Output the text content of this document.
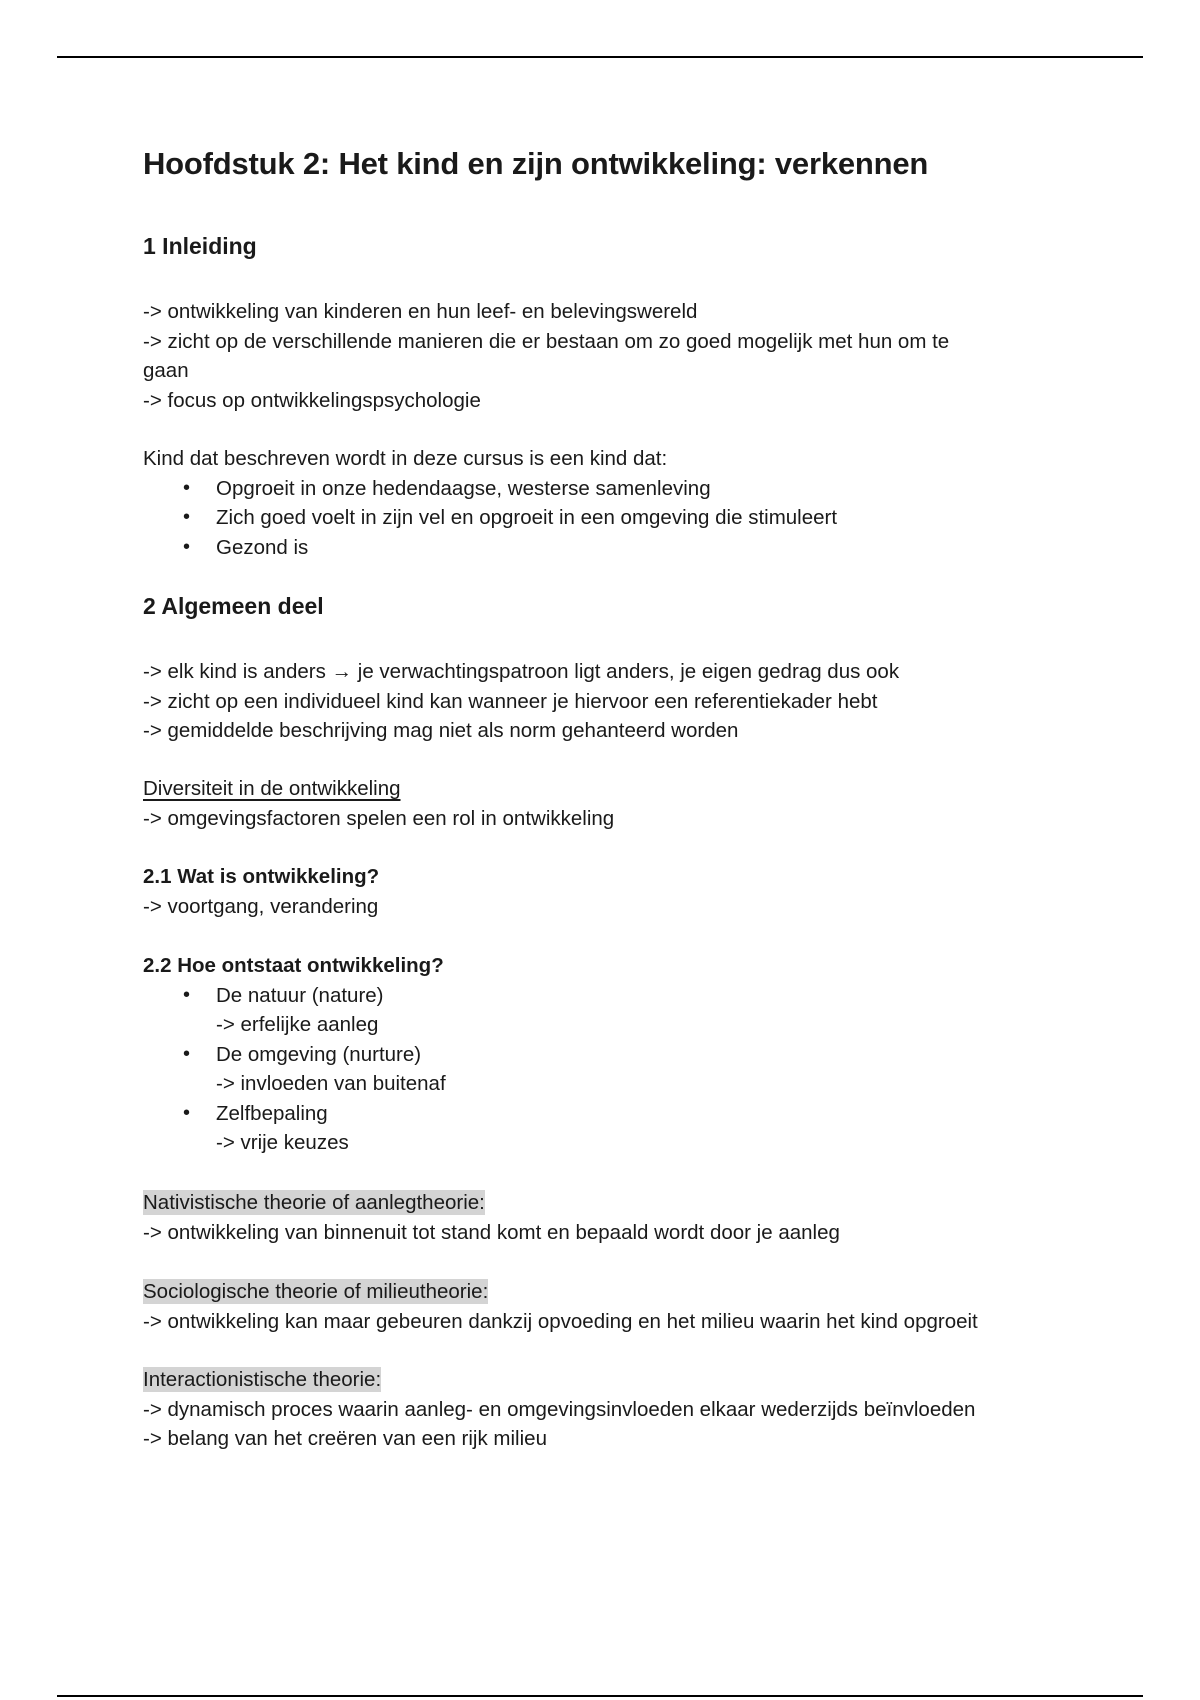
Hoofdstuk 2: Het kind en zijn ontwikkeling: verkennen
1 Inleiding

-> ontwikkeling van kinderen en hun leef- en belevingswereld

-> zicht op de verschillende manieren die er bestaan om zo goed mogelijk met hun om te

gaan

-> focus op ontwikkelingspsychologie

Kind dat beschreven wordt in deze cursus is een kind dat:

• Opgroeit in onze hedendaagse, westerse samenleving
• Zich goed voelt in zijn vel en opgroeit in een omgeving die stimuleert
• Gezond is
2 Algemeen deel

-> elk kind is anders → je verwachtingspatroon ligt anders, je eigen gedrag dus ook

-> zicht op een individueel kind kan wanneer je hiervoor een referentiekader hebt

-> gemiddelde beschrijving mag niet als norm gehanteerd worden

Diversiteit in de ontwikkeling

-> omgevingsfactoren spelen een rol in ontwikkeling

2.1 Wat is ontwikkeling?

-> voortgang, verandering

2.2 Hoe ontstaat ontwikkeling?

• De natuur (nature)
-> erfelijke aanleg
• De omgeving (nurture)
-> invloeden van buitenaf
• Zelfbepaling
-> vrije keuzes

Nativistische theorie of aanlegtheorie:

-> ontwikkeling van binnenuit tot stand komt en bepaald wordt door je aanleg

Sociologische theorie of milieutheorie:

-> ontwikkeling kan maar gebeuren dankzij opvoeding en het milieu waarin het kind opgroeit

Interactionistische theorie:

-> dynamisch proces waarin aanleg- en omgevingsinvloeden elkaar wederzijds beïnvloeden

-> belang van het creëren van een rijk milieu
